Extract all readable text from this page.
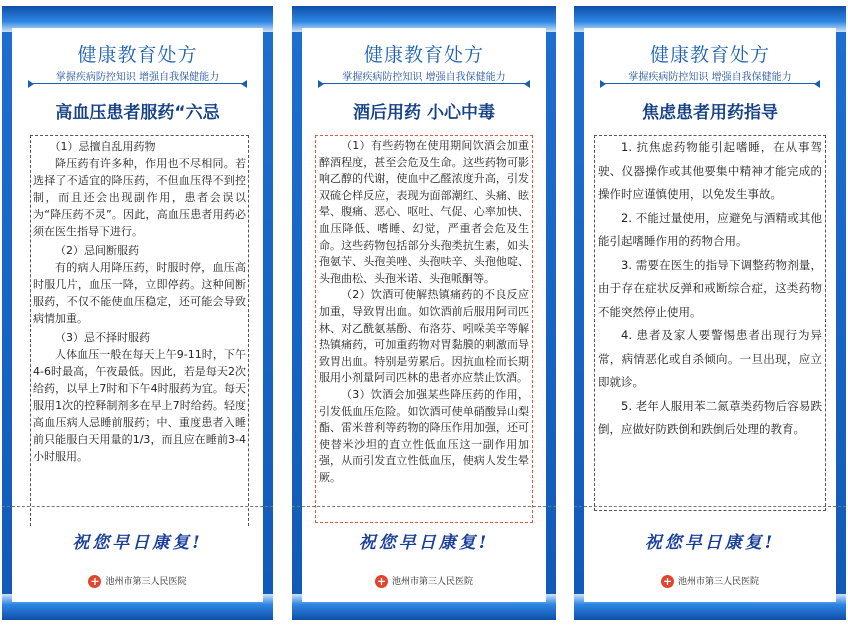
健康教育处方
掌握疾病防控知识 增强自我保健能力
高血压患者服药“六忌

（1）忌擅自乱用药物

降压药有许多种，作用也不尽相同。若选择了不适宜的降压药，不但血压得不到控制，而且还会出现副作用，患者会误以为“降压药不灵”。因此，高血压患者用药必须在医生指导下进行。

（2）忌间断服药

有的病人用降压药，时服时停，血压高时服几片，血压一降，立即停药。这种间断服药，不仅不能使血压稳定，还可能会导致病情加重。

（3）忌不择时服药

人体血压一般在每天上午9-11时，下午4-6时最高，午夜最低。因此，若是每天2次给药，以早上7时和下午4时服药为宜。每天服用1次的控释制剂多在早上7时给药。轻度高血压病人忌睡前服药；中、重度患者入睡前只能服白天用量的1/3，而且应在睡前3-4小时服用。

祝您早日康复!
+ 池州市第三人民医院
健康教育处方
掌握疾病防控知识 增强自我保健能力
酒后用药 小心中毒

（1）有些药物在使用期间饮酒会加重醉酒程度，甚至会危及生命。这些药物可影响乙醇的代谢，使血中乙醛浓度升高，引发双硫仑样反应，表现为面部潮红、头痛、眩晕、腹痛、恶心、呕吐、气促、心率加快、血压降低、嗜睡、幻觉，严重者会危及生命。这些药物包括部分头孢类抗生素，如头孢氨苄、头孢美唑、头孢呋辛、头孢他啶、头孢曲松、头孢米诺、头孢哌酮等。

（2）饮酒可使解热镇痛药的不良反应加重，导致胃出血。如饮酒前后服用阿司匹林、对乙酰氨基酚、布洛芬、吲哚美辛等解热镇痛药，可加重药物对胃黏膜的刺激而导致胃出血。特别是劳累后。因抗血栓而长期服用小剂量阿司匹林的患者亦应禁止饮酒。

（3）饮酒会加强某些降压药的作用，引发低血压危险。如饮酒可使单硝酸异山梨酯、雷米普利等药物的降压作用加强，还可使替米沙坦的直立性低血压这一副作用加强，从而引发直立性低血压，使病人发生晕厥。

祝您早日康复!
+ 池州市第三人民医院
健康教育处方
掌握疾病防控知识 增强自我保健能力
焦虑患者用药指导

1. 抗焦虑药物能引起嗜睡，在从事驾驶、仪器操作或其他要集中精神才能完成的操作时应谨慎使用，以免发生事故。

2. 不能过量使用，应避免与酒精或其他能引起嗜睡作用的药物合用。

3. 需要在医生的指导下调整药物剂量，由于存在症状反弹和戒断综合症，这类药物不能突然停止使用。

4. 患者及家人要警惕患者出现行为异常，病情恶化或自杀倾向。一旦出现，应立即就诊。

5. 老年人服用苯二氮䓬类药物后容易跌倒，应做好防跌倒和跌倒后处理的教育。

祝您早日康复!
+ 池州市第三人民医院
